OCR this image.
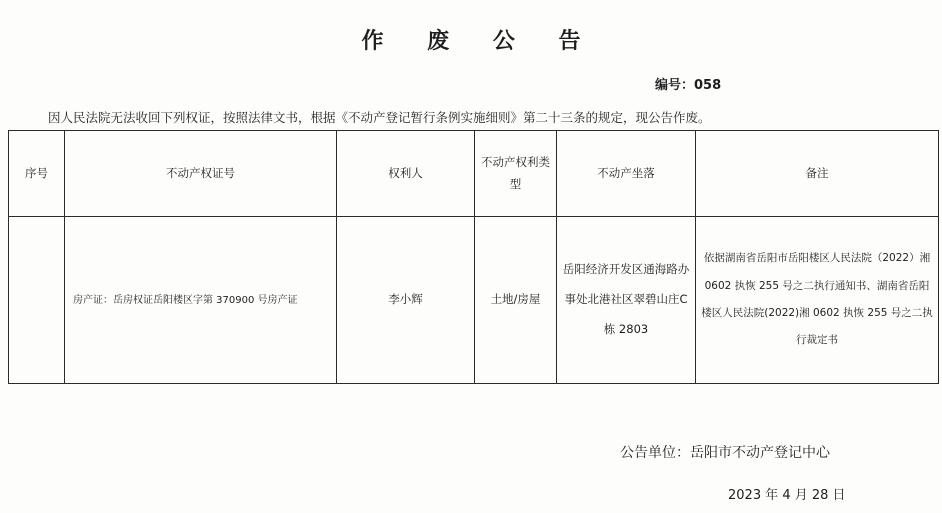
作 废 公 告
编号：058
因人民法院无法收回下列权证，按照法律文书，根据《不动产登记暂行条例实施细则》第二十三条的规定，现公告作废。
序号	不动产权证号	权利人	不动产权利类型	不动产坐落	备注
	房产证：岳房权证岳阳楼区字第 370900 号房产证	李小辉	土地/房屋	岳阳经济开发区通海路办事处北港社区翠碧山庄C栋 2803	依据湖南省岳阳市岳阳楼区人民法院（2022）湘 0602 执恢 255 号之二执行通知书、湖南省岳阳楼区人民法院(2022)湘 0602 执恢 255 号之二执行裁定书
公告单位：岳阳市不动产登记中心
2023 年 4 月 28 日
